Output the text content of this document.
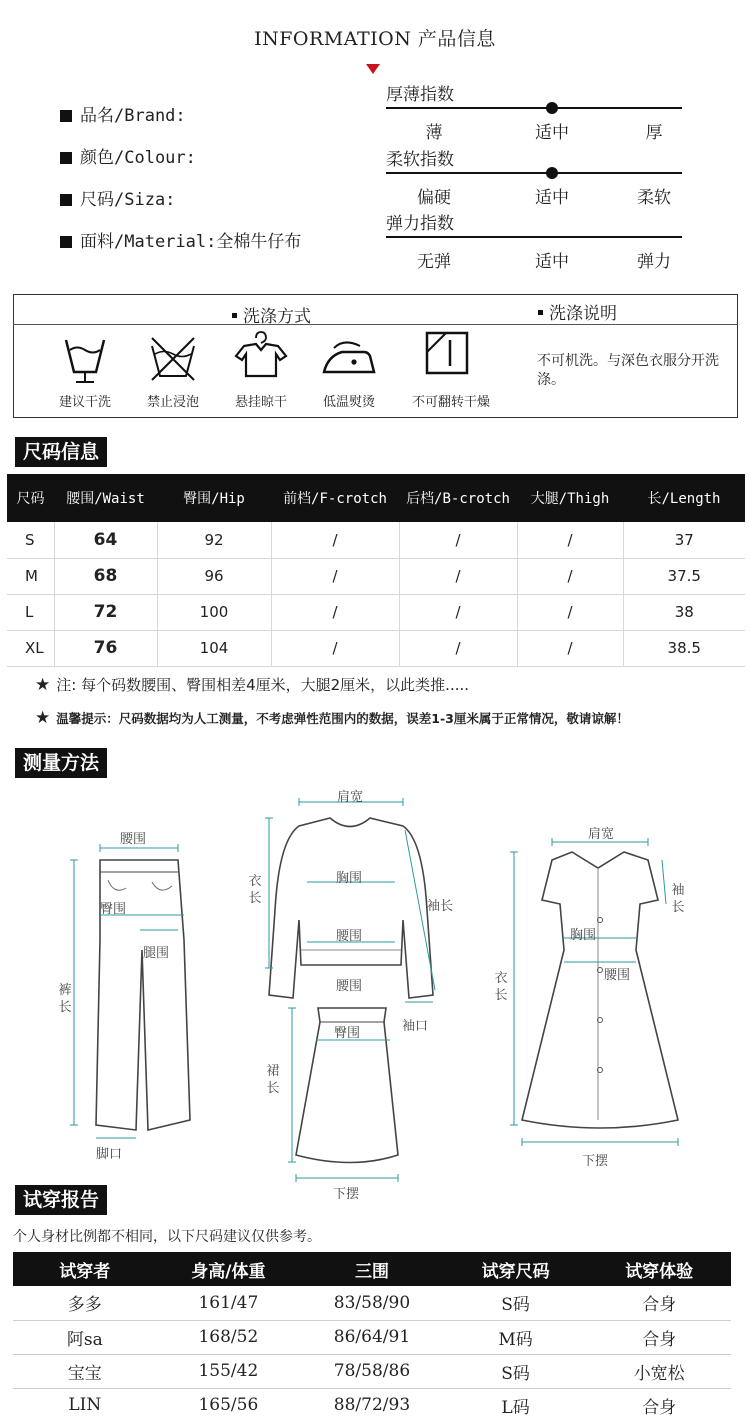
INFORMATION 产品信息
品名/Brand:
颜色/Colour:
尺码/Siza:
面料/Material:全棉牛仔布
厚薄指数
薄	适中	厚
柔软指数
偏硬	适中	柔软
弹力指数
无弹	适中	弹力
洗涤方式	洗涤说明
建议干洗	禁止浸泡	悬挂晾干	低温熨烫	不可翻转干燥
不可机洗。与深色衣服分开洗涤。
尺码信息
尺码	腰围/Waist	臀围/Hip	前档/F-crotch	后档/B-crotch	大腿/Thigh	长/Length
S	64	92	/	/	/	37
M	68	96	/	/	/	37.5
L	72	100	/	/	/	38
XL	76	104	/	/	/	38.5
★ 注: 每个码数腰围、臀围相差4厘米，大腿2厘米，以此类推.....
★ 温馨提示：尺码数据均为人工测量，不考虑弹性范围内的数据，误差1-3厘米属于正常情况，敬请谅解！
测量方法
腰围
臀围
腿围
裤长
脚口
肩宽
胸围
腰围
衣长
袖长
袖口
腰围
臀围
裙长
下摆
肩宽
袖长
胸围
腰围
衣长
下摆
试穿报告
个人身材比例都不相同，以下尺码建议仅供参考。
试穿者	身高/体重	三围	试穿尺码	试穿体验
多多	161/47	83/58/90	S码	合身
阿sa	168/52	86/64/91	M码	合身
宝宝	155/42	78/58/86	S码	小宽松
LIN	165/56	88/72/93	L码	合身
